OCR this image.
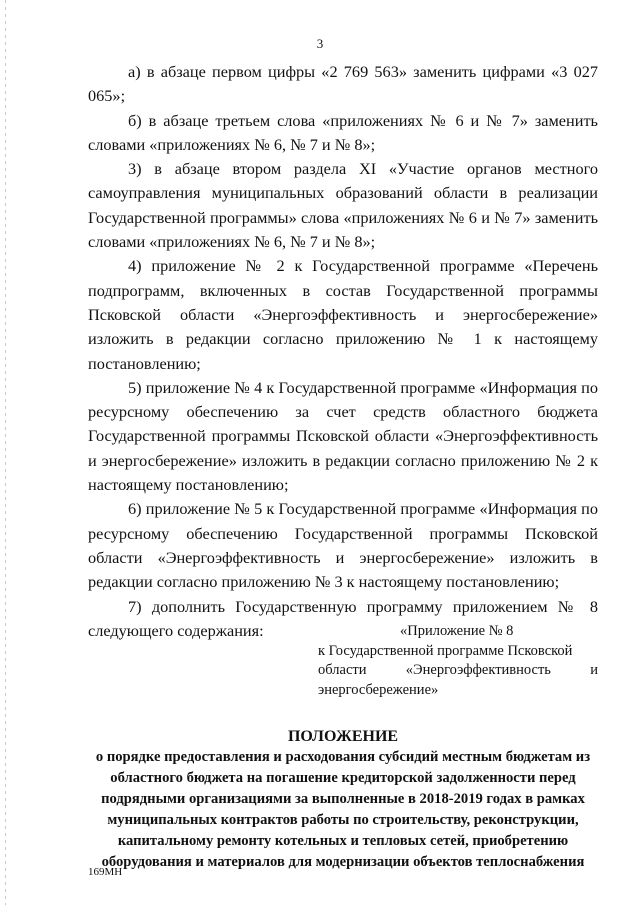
3

а) в абзаце первом цифры «2 769 563» заменить цифрами «3 027 065»;

б) в абзаце третьем слова «приложениях № 6 и № 7» заменить словами «приложениях № 6, № 7 и № 8»;

3) в абзаце втором раздела XI «Участие органов местного самоуправления муниципальных образований области в реализации Государственной программы» слова «приложениях № 6 и № 7» заменить словами «приложениях № 6, № 7 и № 8»;

4) приложение № 2 к Государственной программе «Перечень подпрограмм, включенных в состав Государственной программы Псковской области «Энергоэффективность и энергосбережение» изложить в редакции согласно приложению № 1 к настоящему постановлению;

5) приложение № 4 к Государственной программе «Информация по ресурсному обеспечению за счет средств областного бюджета Государственной программы Псковской области «Энергоэффективность и энергосбережение» изложить в редакции согласно приложению № 2 к настоящему постановлению;

6) приложение № 5 к Государственной программе «Информация по ресурсному обеспечению Государственной программы Псковской области «Энергоэффективность и энергосбережение» изложить в редакции согласно приложению № 3 к настоящему постановлению;

7) дополнить Государственную программу приложением № 8 следующего содержания:	«Приложение № 8
к Государственной программе Псковской
области «Энергоэффективность и
энергосбережение»
ПОЛОЖЕНИЕ
о порядке предоставления и расходования субсидий местным бюджетам из областного бюджета на погашение кредиторской задолженности перед подрядными организациями за выполненные в 2018-2019 годах в рамках муниципальных контрактов работы по строительству, реконструкции, капитальному ремонту котельных и тепловых сетей, приобретению оборудования и материалов для модернизации объектов теплоснабжения
169МН
